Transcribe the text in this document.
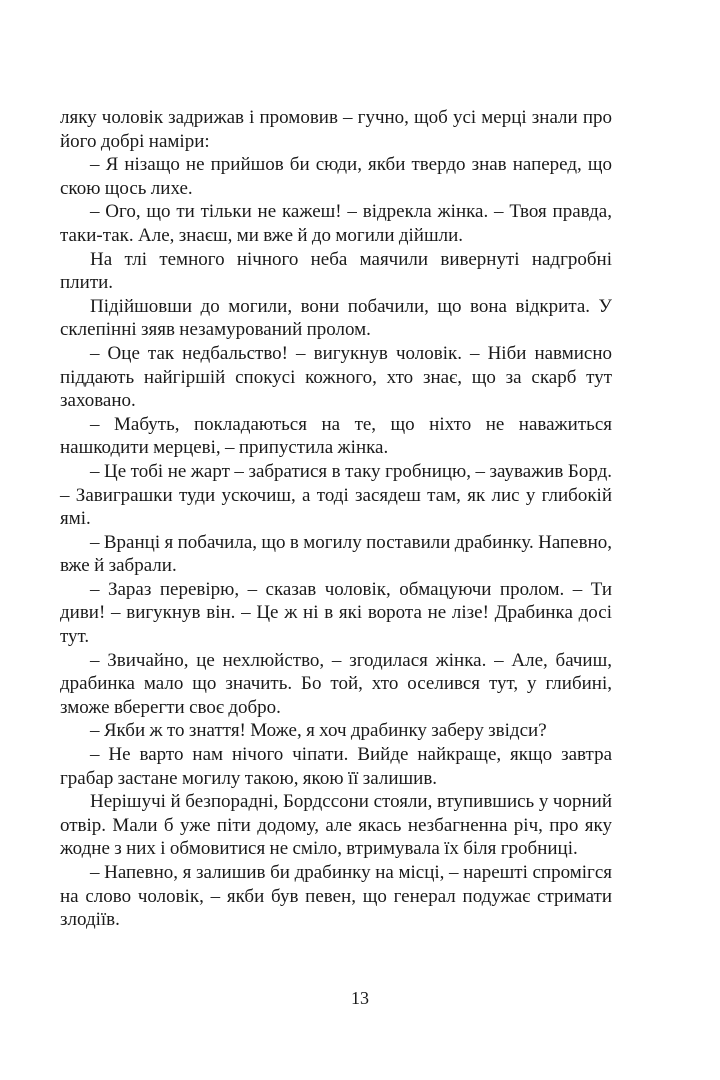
ляку чоловік задрижав і промовив – гучно, щоб усі мерці знали про його добрі наміри:

– Я нізащо не прийшов би сюди, якби твердо знав наперед, що скою щось лихе.

– Ого, що ти тільки не кажеш! – відрекла жінка. – Твоя правда, таки-так. Але, знаєш, ми вже й до могили дійшли.

На тлі темного нічного неба маячили вивернуті надгробні плити.

Підійшовши до могили, вони побачили, що вона відкрита. У склепінні зяяв незамурований пролом.

– Оце так недбальство! – вигукнув чоловік. – Ніби навмисно піддають найгіршій спокусі кожного, хто знає, що за скарб тут заховано.

– Мабуть, покладаються на те, що ніхто не наважиться нашкодити мерцеві, – припустила жінка.

– Це тобі не жарт – забратися в таку гробницю, – зауважив Борд. – Завиграшки туди ускочиш, а тоді засядеш там, як лис у глибокій ямі.

– Вранці я побачила, що в могилу поставили драбинку. Напевно, вже й забрали.

– Зараз перевірю, – сказав чоловік, обмацуючи пролом. – Ти диви! – вигукнув він. – Це ж ні в які ворота не лізе! Драбинка досі тут.

– Звичайно, це нехлюйство, – згодилася жінка. – Але, бачиш, драбинка мало що значить. Бо той, хто оселився тут, у глибині, зможе вберегти своє добро.

– Якби ж то знаття! Може, я хоч драбинку заберу звідси?

– Не варто нам нічого чіпати. Вийде найкраще, якщо завтра грабар застане могилу такою, якою її залишив.

Нерішучі й безпорадні, Бордссони стояли, втупившись у чорний отвір. Мали б уже піти додому, але якась незбагненна річ, про яку жодне з них і обмовитися не сміло, втримувала їх біля гробниці.

– Напевно, я залишив би драбинку на місці, – нарешті спромігся на слово чоловік, – якби був певен, що генерал подужає стримати злодіїв.

13
